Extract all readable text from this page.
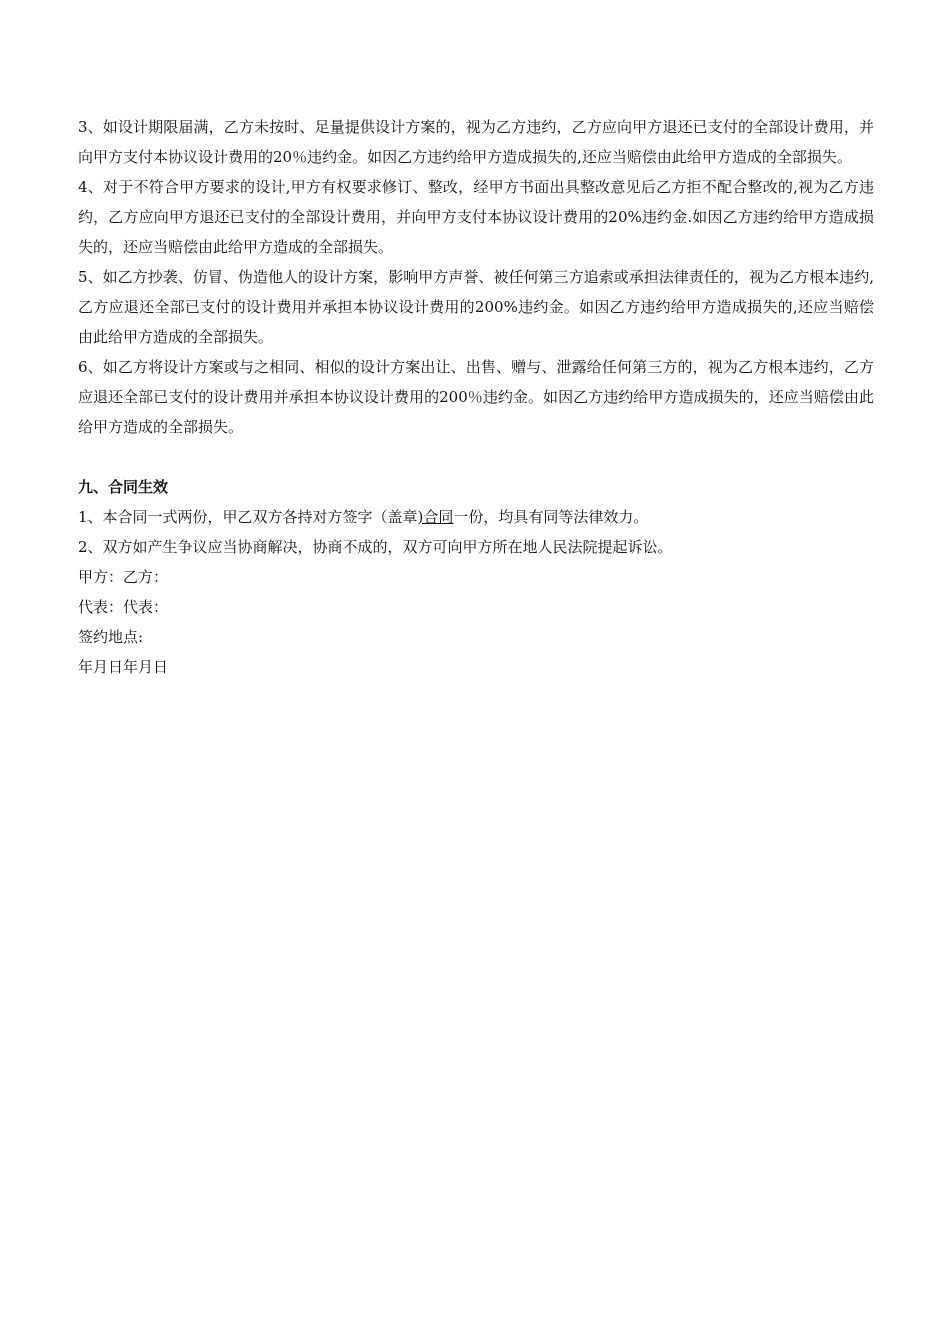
3、如设计期限届满，乙方未按时、足量提供设计方案的，视为乙方违约，乙方应向甲方退还已支付的全部设计费用，并向甲方支付本协议设计费用的20％违约金。如因乙方违约给甲方造成损失的,还应当赔偿由此给甲方造成的全部损失。

4、对于不符合甲方要求的设计,甲方有权要求修订、整改，经甲方书面出具整改意见后乙方拒不配合整改的,视为乙方违约，乙方应向甲方退还已支付的全部设计费用，并向甲方支付本协议设计费用的20%违约金.如因乙方违约给甲方造成损失的，还应当赔偿由此给甲方造成的全部损失。

5、如乙方抄袭、仿冒、伪造他人的设计方案，影响甲方声誉、被任何第三方追索或承担法律责任的，视为乙方根本违约,乙方应退还全部已支付的设计费用并承担本协议设计费用的200%违约金。如因乙方违约给甲方造成损失的,还应当赔偿由此给甲方造成的全部损失。

6、如乙方将设计方案或与之相同、相似的设计方案出让、出售、赠与、泄露给任何第三方的，视为乙方根本违约，乙方应退还全部已支付的设计费用并承担本协议设计费用的200％违约金。如因乙方违约给甲方造成损失的，还应当赔偿由此给甲方造成的全部损失。

九、合同生效

1、本合同一式两份，甲乙双方各持对方签字（盖章)合同一份，均具有同等法律效力。

2、双方如产生争议应当协商解决，协商不成的，双方可向甲方所在地人民法院提起诉讼。

甲方：乙方：

代表：代表：

签约地点:

年月日年月日
